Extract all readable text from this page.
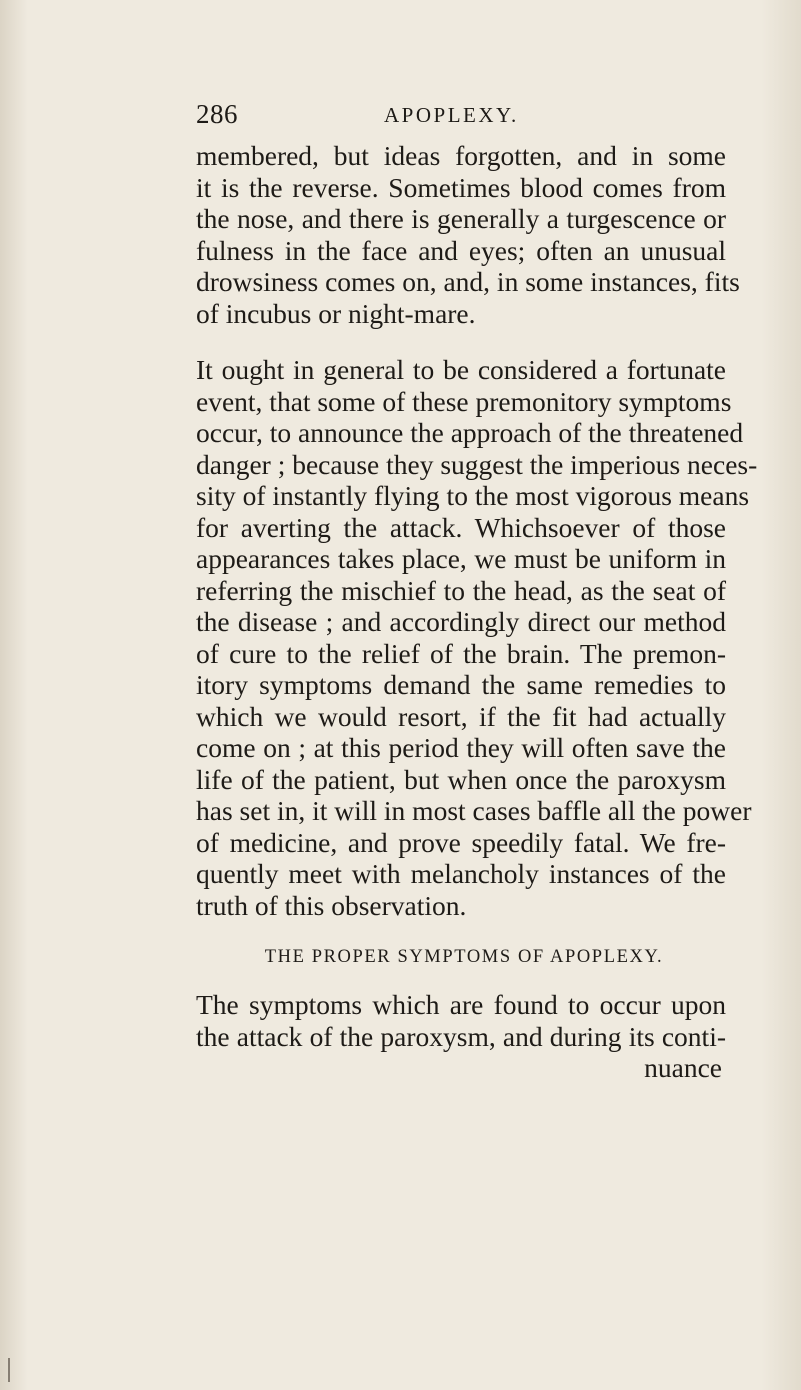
286	APOPLEXY.

membered, but ideas forgotten, and in some
it is the reverse. Sometimes blood comes from
the nose, and there is generally a turgescence or
fulness in the face and eyes; often an unusual
drowsiness comes on, and, in some instances, fits
of incubus or night-mare.

It ought in general to be considered a fortunate
event, that some of these premonitory symptoms
occur, to announce the approach of the threatened
danger ; because they suggest the imperious neces-
sity of instantly flying to the most vigorous means
for averting the attack. Whichsoever of those
appearances takes place, we must be uniform in
referring the mischief to the head, as the seat of
the disease ; and accordingly direct our method
of cure to the relief of the brain. The premon-
itory symptoms demand the same remedies to
which we would resort, if the fit had actually
come on ; at this period they will often save the
life of the patient, but when once the paroxysm
has set in, it will in most cases baffle all the power
of medicine, and prove speedily fatal. We fre-
quently meet with melancholy instances of the
truth of this observation.

THE PROPER SYMPTOMS OF APOPLEXY.

The symptoms which are found to occur upon
the attack of the paroxysm, and during its conti-

nuance
